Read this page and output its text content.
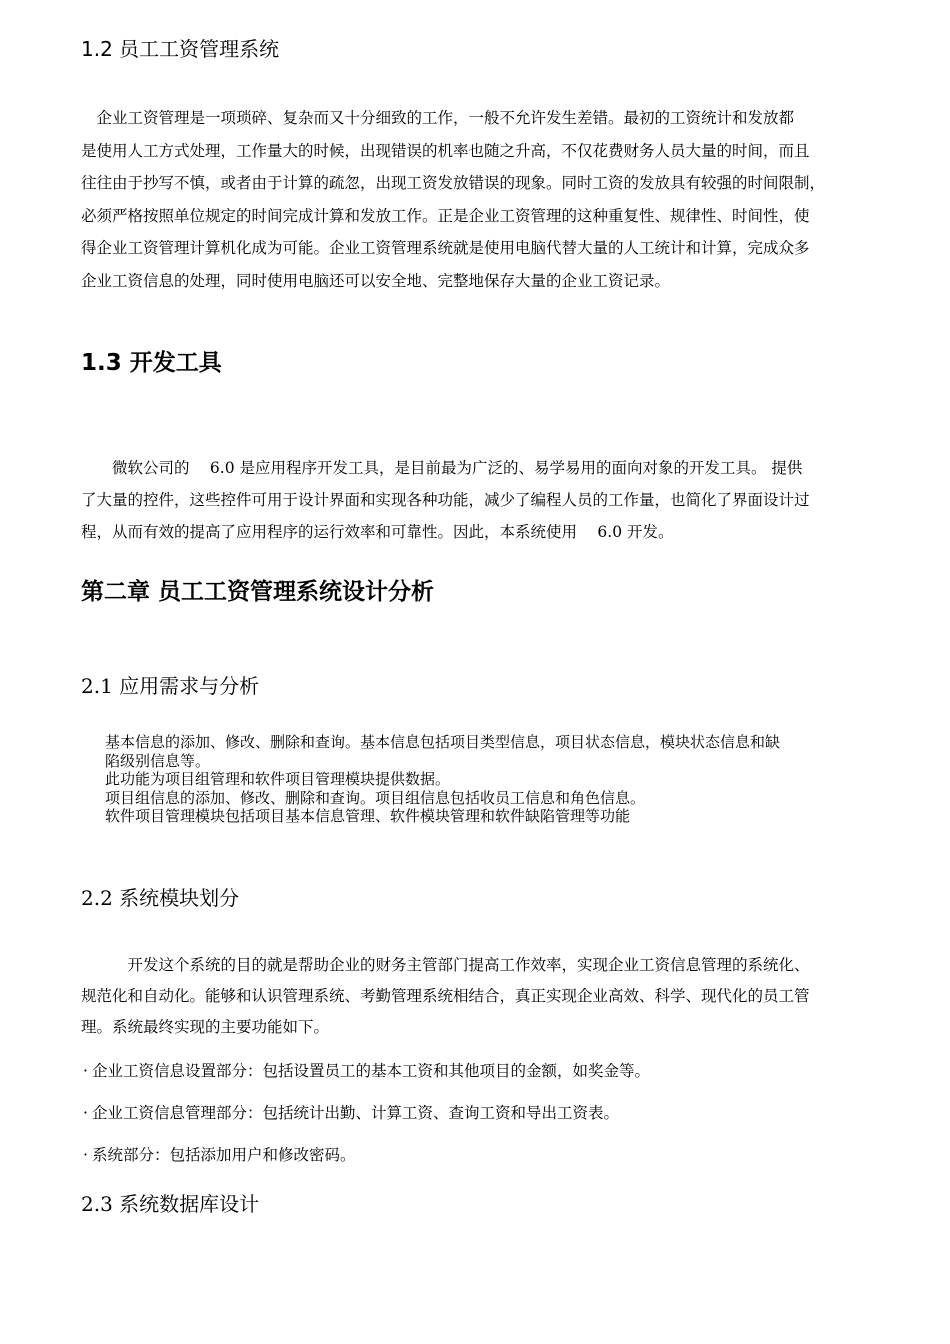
1.2 员工工资管理系统
　企业工资管理是一项琐碎、复杂而又十分细致的工作，一般不允许发生差错。最初的工资统计和发放都
是使用人工方式处理，工作量大的时候，出现错误的机率也随之升高，不仅花费财务人员大量的时间，而且
往往由于抄写不慎，或者由于计算的疏忽，出现工资发放错误的现象。同时工资的发放具有较强的时间限制，
必须严格按照单位规定的时间完成计算和发放工作。正是企业工资管理的这种重复性、规律性、时间性，使
得企业工资管理计算机化成为可能。企业工资管理系统就是使用电脑代替大量的人工统计和计算，完成众多
企业工资信息的处理，同时使用电脑还可以安全地、完整地保存大量的企业工资记录。
1.3 开发工具
　　微软公司的　 6.0 是应用程序开发工具，是目前最为广泛的、易学易用的面向对象的开发工具。 提供
了大量的控件，这些控件可用于设计界面和实现各种功能，减少了编程人员的工作量，也简化了界面设计过
程，从而有效的提高了应用程序的运行效率和可靠性。因此，本系统使用　 6.0 开发。
第二章 员工工资管理系统设计分析
2.1 应用需求与分析
基本信息的添加、修改、删除和查询。基本信息包括项目类型信息，项目状态信息，模块状态信息和缺
陷级别信息等。
此功能为项目组管理和软件项目管理模块提供数据。
项目组信息的添加、修改、删除和查询。项目组信息包括收员工信息和角色信息。
软件项目管理模块包括项目基本信息管理、软件模块管理和软件缺陷管理等功能
2.2 系统模块划分
　　　开发这个系统的目的就是帮助企业的财务主管部门提高工作效率，实现企业工资信息管理的系统化、
规范化和自动化。能够和认识管理系统、考勤管理系统相结合，真正实现企业高效、科学、现代化的员工管
理。系统最终实现的主要功能如下。
· 企业工资信息设置部分：包括设置员工的基本工资和其他项目的金额，如奖金等。
· 企业工资信息管理部分：包括统计出勤、计算工资、查询工资和导出工资表。
· 系统部分：包括添加用户和修改密码。
2.3 系统数据库设计
